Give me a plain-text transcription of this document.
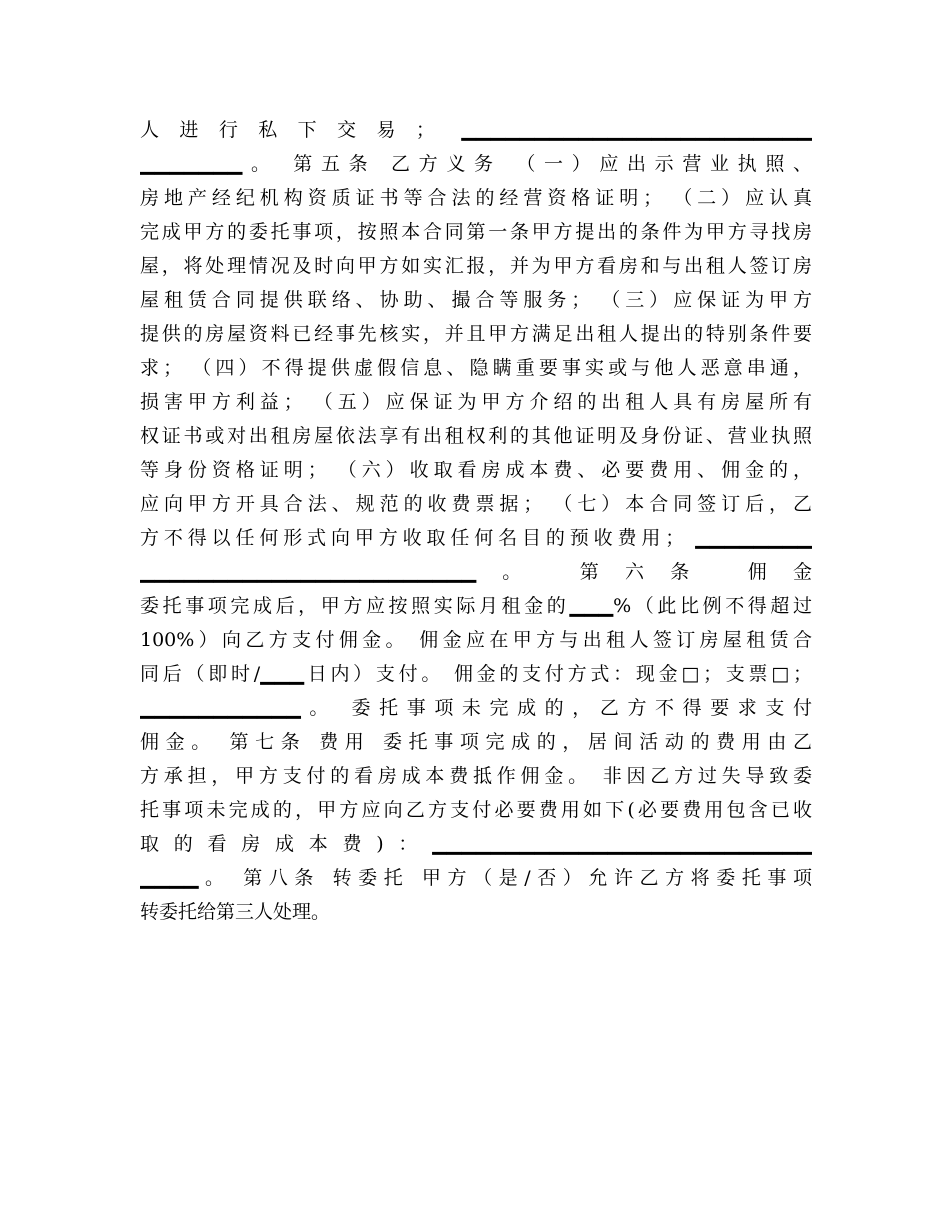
人进行私下交易； ▁▁▁▁▁▁▁▁▁▁▁▁▁▁▁▁▁▁▁▁▁▁▁▁
▁▁▁▁▁▁▁。 第五条 乙方义务 （一）应出示营业执照、
房地产经纪机构资质证书等合法的经营资格证明； （二）应认真
完成甲方的委托事项，按照本合同第一条甲方提出的条件为甲方寻找房
屋，将处理情况及时向甲方如实汇报，并为甲方看房和与出租人签订房
屋租赁合同提供联络、协助、撮合等服务； （三）应保证为甲方
提供的房屋资料已经事先核实，并且甲方满足出租人提出的特别条件要
求； （四）不得提供虚假信息、隐瞒重要事实或与他人恶意串通，
损害甲方利益； （五）应保证为甲方介绍的出租人具有房屋所有
权证书或对出租房屋依法享有出租权利的其他证明及身份证、营业执照
等身份资格证明； （六）收取看房成本费、必要费用、佣金的，
应向甲方开具合法、规范的收费票据； （七）本合同签订后，乙
方不得以任何形式向甲方收取任何名目的预收费用； ▁▁▁▁▁▁▁▁
▁▁▁▁▁▁▁▁▁▁▁▁▁▁▁▁▁▁▁▁▁▁▁。 第六条 佣金
委托事项完成后，甲方应按照实际月租金的▁▁▁%（此比例不得超过
100%）向乙方支付佣金。 佣金应在甲方与出租人签订房屋租赁合
同后（即时/▁▁▁日内）支付。 佣金的支付方式：现金□；支票□；
▁▁▁▁▁▁▁▁▁▁▁。 委托事项未完成的，乙方不得要求支付
佣金。 第七条 费用 委托事项完成的，居间活动的费用由乙
方承担，甲方支付的看房成本费抵作佣金。 非因乙方过失导致委
托事项未完成的，甲方应向乙方支付必要费用如下(必要费用包含已收
取的看房成本费)：▁▁▁▁▁▁▁▁▁▁▁▁▁▁▁▁▁▁▁▁▁▁▁▁▁▁
▁▁▁▁。 第八条 转委托 甲方（是/否）允许乙方将委托事项
转委托给第三人处理。
